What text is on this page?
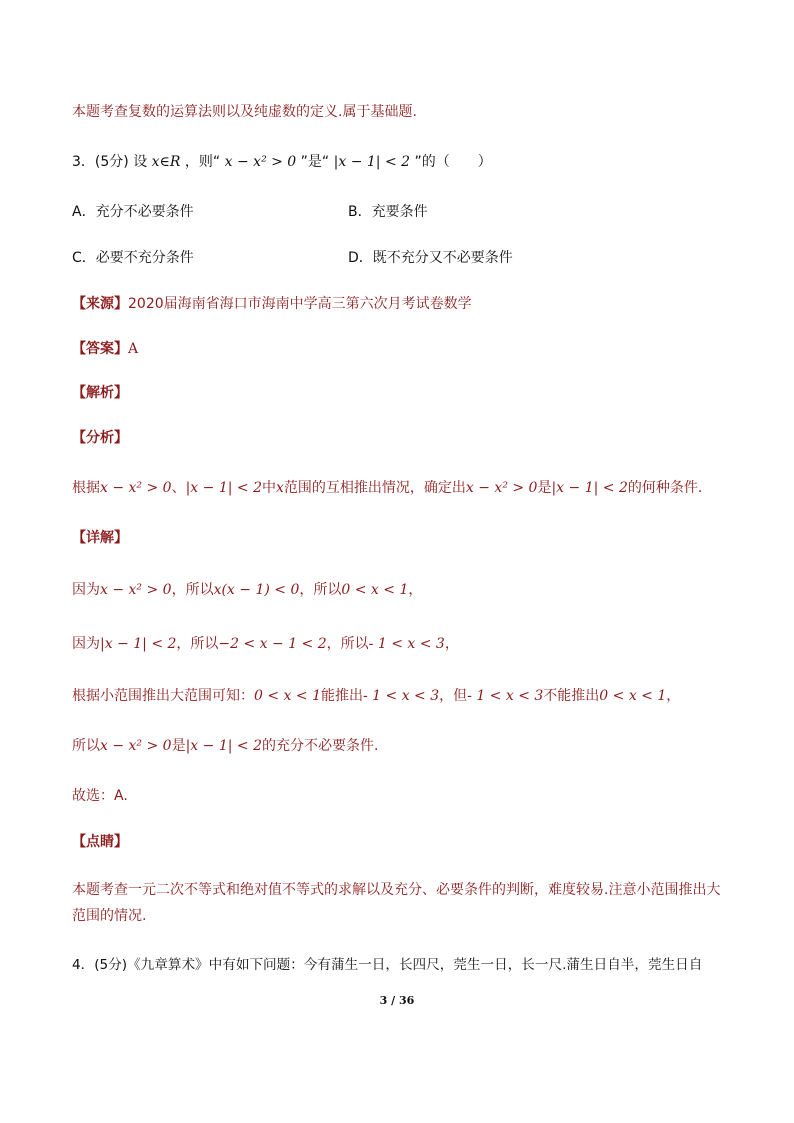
本题考查复数的运算法则以及纯虚数的定义.属于基础题.
3．(5分) 设 x∈R ，则“ x − x² > 0 ”是“ |x − 1| < 2 ”的（　　）
A．充分不必要条件	B．充要条件
C．必要不充分条件	D．既不充分又不必要条件
【来源】2020届海南省海口市海南中学高三第六次月考试卷数学
【答案】A
【解析】
【分析】
根据x − x² > 0、|x − 1| < 2中x范围的互相推出情况，确定出x − x² > 0是|x − 1| < 2的何种条件.
【详解】
因为x − x² > 0，所以x(x − 1) < 0，所以0 < x < 1，
因为|x − 1| < 2，所以−2 < x − 1 < 2，所以- 1 < x < 3，
根据小范围推出大范围可知：0 < x < 1能推出- 1 < x < 3，但- 1 < x < 3不能推出0 < x < 1，
所以x − x² > 0是|x − 1| < 2的充分不必要条件.
故选：A.
【点睛】
本题考查一元二次不等式和绝对值不等式的求解以及充分、必要条件的判断，难度较易.注意小范围推出大
范围的情况.
4．(5分)《九章算术》中有如下问题：今有蒲生一日，长四尺，莞生一日，长一尺.蒲生日自半，莞生日自
3 / 36
